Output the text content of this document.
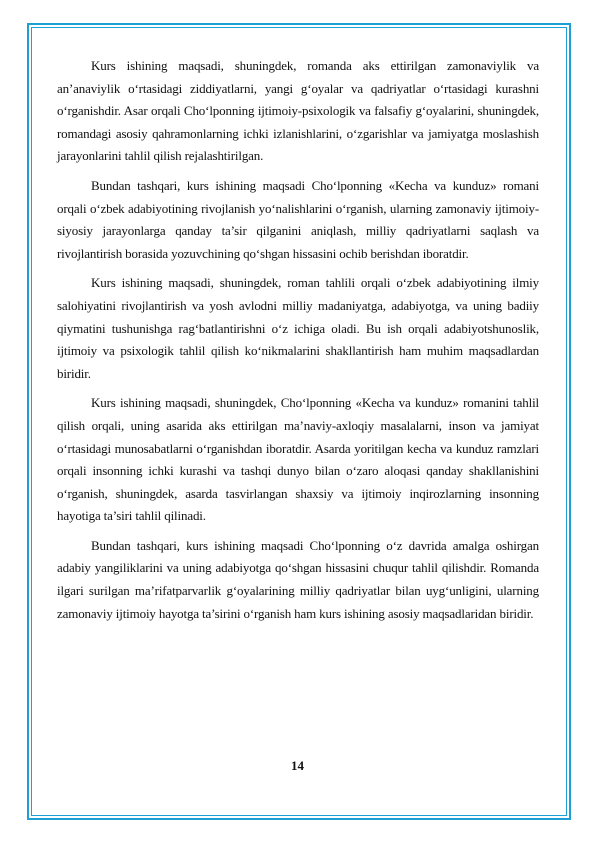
Kurs ishining maqsadi, shuningdek, romanda aks ettirilgan zamonaviylik va an’anaviylik o‘rtasidagi ziddiyatlarni, yangi g‘oyalar va qadriyatlar o‘rtasidagi kurashni o‘rganishdir. Asar orqali Cho‘lponning ijtimoiy-psixologik va falsafiy g‘oyalarini, shuningdek, romandagi asosiy qahramonlarning ichki izlanishlarini, o‘zgarishlar va jamiyatga moslashish jarayonlarini tahlil qilish rejalashtirilgan.

Bundan tashqari, kurs ishining maqsadi Cho‘lponning «Kecha va kunduz» romani orqali o‘zbek adabiyotining rivojlanish yo‘nalishlarini o‘rganish, ularning zamonaviy ijtimoiy-siyosiy jarayonlarga qanday ta’sir qilganini aniqlash, milliy qadriyatlarni saqlash va rivojlantirish borasida yozuvchining qo‘shgan hissasini ochib berishdan iboratdir.

Kurs ishining maqsadi, shuningdek, roman tahlili orqali o‘zbek adabiyotining ilmiy salohiyatini rivojlantirish va yosh avlodni milliy madaniyatga, adabiyotga, va uning badiiy qiymatini tushunishga rag‘batlantirishni o‘z ichiga oladi. Bu ish orqali adabiyotshunoslik, ijtimoiy va psixologik tahlil qilish ko‘nikmalarini shakllantirish ham muhim maqsadlardan biridir.

Kurs ishining maqsadi, shuningdek, Cho‘lponning «Kecha va kunduz» romanini tahlil qilish orqali, uning asarida aks ettirilgan ma’naviy-axloqiy masalalarni, inson va jamiyat o‘rtasidagi munosabatlarni o‘rganishdan iboratdir. Asarda yoritilgan kecha va kunduz ramzlari orqali insonning ichki kurashi va tashqi dunyo bilan o‘zaro aloqasi qanday shakllanishini o‘rganish, shuningdek, asarda tasvirlangan shaxsiy va ijtimoiy inqirozlarning insonning hayotiga ta’siri tahlil qilinadi.

Bundan tashqari, kurs ishining maqsadi Cho‘lponning o‘z davrida amalga oshirgan adabiy yangiliklarini va uning adabiyotga qo‘shgan hissasini chuqur tahlil qilishdir. Romanda ilgari surilgan ma’rifatparvarlik g‘oyalarining milliy qadriyatlar bilan uyg‘unligini, ularning zamonaviy ijtimoiy hayotga ta’sirini o‘rganish ham kurs ishining asosiy maqsadlaridan biridir.

14
